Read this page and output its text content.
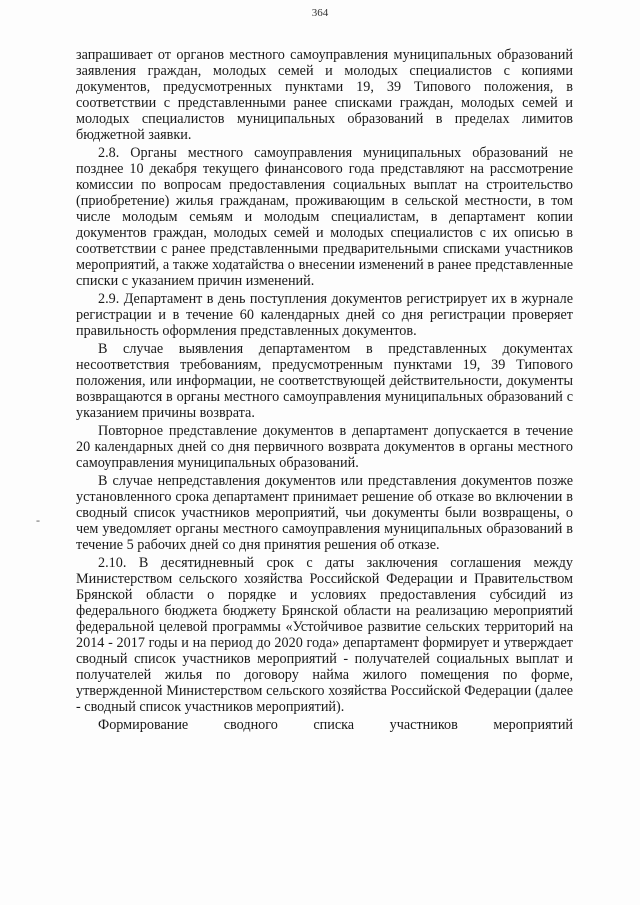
364
-

запрашивает от органов местного самоуправления муниципальных образований заявления граждан, молодых семей и молодых специалистов с копиями документов, предусмотренных пунктами 19, 39 Типового положения, в соответствии с представленными ранее списками граждан, молодых семей и молодых специалистов муниципальных образований в пределах лимитов бюджетной заявки.

2.8. Органы местного самоуправления муниципальных образований не позднее 10 декабря текущего финансового года представляют на рассмотрение комиссии по вопросам предоставления социальных выплат на строительство (приобретение) жилья гражданам, проживающим в сельской местности, в том числе молодым семьям и молодым специалистам, в департамент копии документов граждан, молодых семей и молодых специалистов с их описью в соответствии с ранее представленными предварительными списками участников мероприятий, а также ходатайства о внесении изменений в ранее представленные списки с указанием причин изменений.

2.9. Департамент в день поступления документов регистрирует их в журнале регистрации и в течение 60 календарных дней со дня регистрации проверяет правильность оформления представленных документов.

В случае выявления департаментом в представленных документах несоответствия требованиям, предусмотренным пунктами 19, 39 Типового положения, или информации, не соответствующей действительности, документы возвращаются в органы местного самоуправления муниципальных образований с указанием причины возврата.

Повторное представление документов в департамент допускается в течение 20 календарных дней со дня первичного возврата документов в органы местного самоуправления муниципальных образований.

В случае непредставления документов или представления документов позже установленного срока департамент принимает решение об отказе во включении в сводный список участников мероприятий, чьи документы были возвращены, о чем уведомляет органы местного самоуправления муниципальных образований в течение 5 рабочих дней со дня принятия решения об отказе.

2.10. В десятидневный срок с даты заключения соглашения между Министерством сельского хозяйства Российской Федерации и Правительством Брянской области о порядке и условиях предоставления субсидий из федерального бюджета бюджету Брянской области на реализацию мероприятий федеральной целевой программы «Устойчивое развитие сельских территорий на 2014 - 2017 годы и на период до 2020 года» департамент формирует и утверждает сводный список участников мероприятий - получателей социальных выплат и получателей жилья по договору найма жилого помещения по форме, утвержденной Министерством сельского хозяйства Российской Федерации (далее - сводный список участников мероприятий).

Формирование сводного списка участников мероприятий
